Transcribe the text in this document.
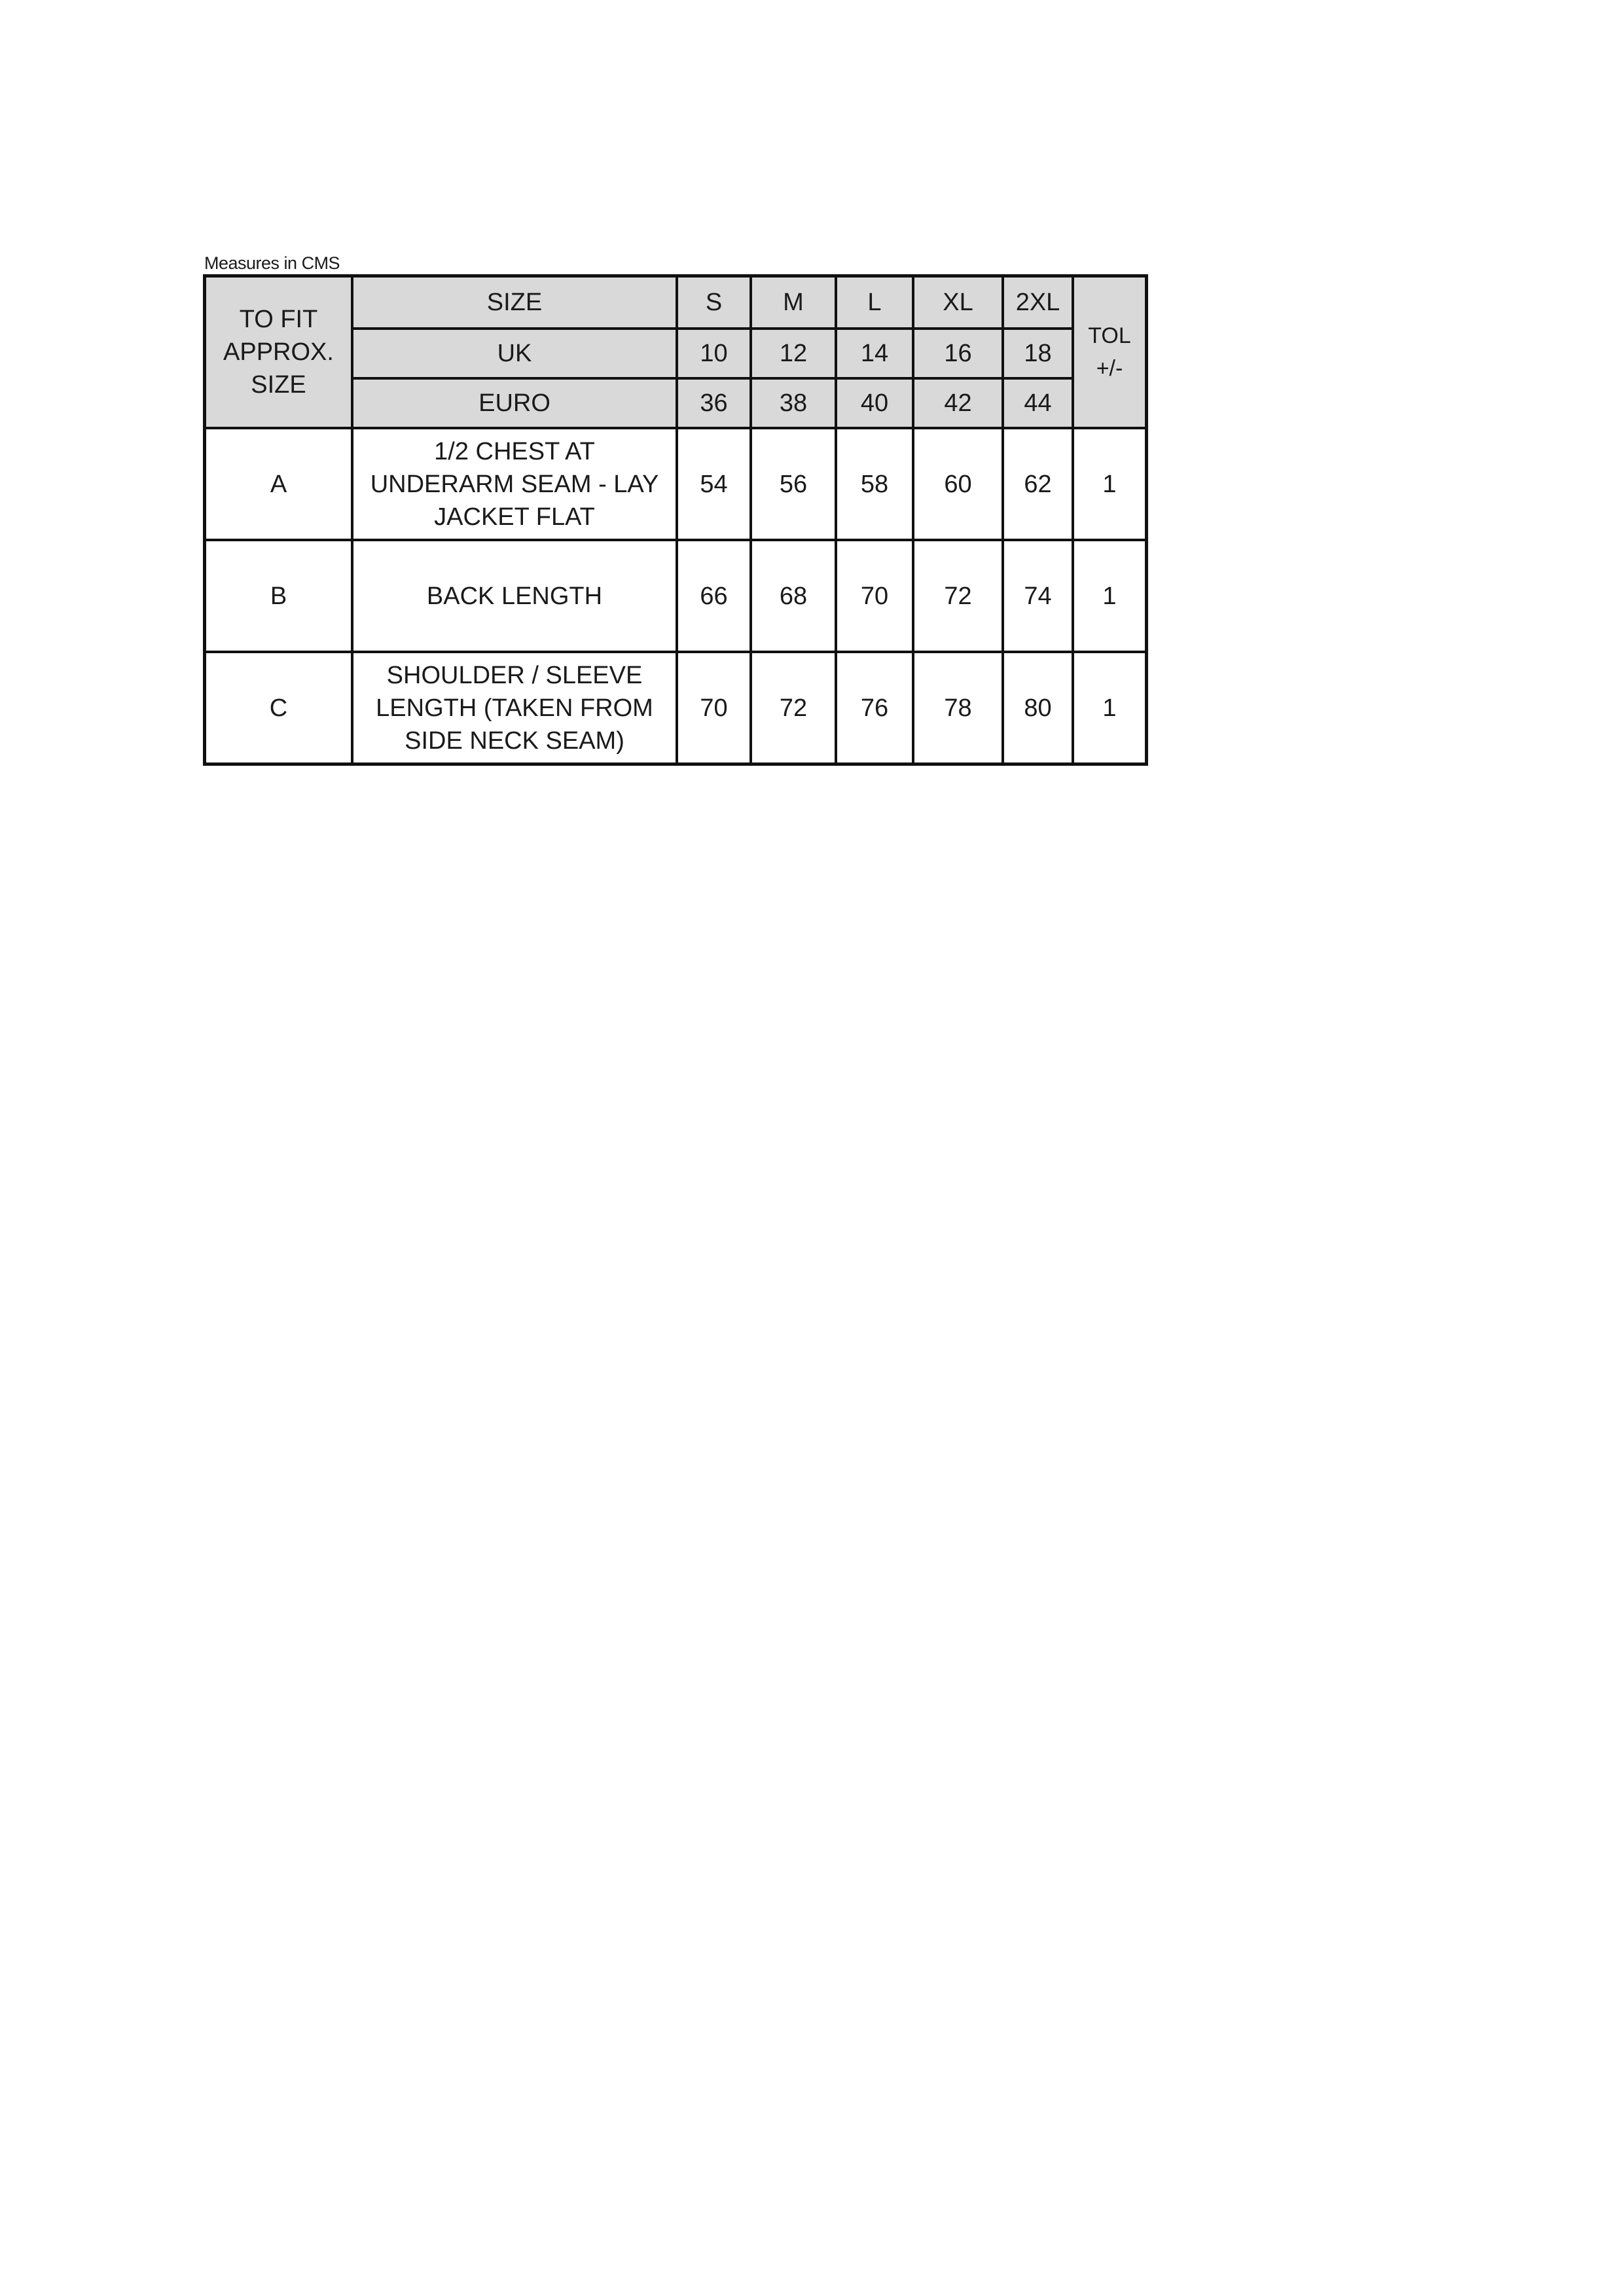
Measures in CMS
TO FIT APPROX. SIZE	SIZE	S	M	L	XL	2XL	TOL
+/-

	UK	10	12	14	16	18	
	EURO	36	38	40	42	44	
A	1/2 CHEST AT UNDERARM SEAM - LAY JACKET FLAT	54	56	58	60	62	1
B	BACK LENGTH	66	68	70	72	74	1
C	SHOULDER / SLEEVE LENGTH (TAKEN FROM SIDE NECK SEAM)	70	72	76	78	80	1
